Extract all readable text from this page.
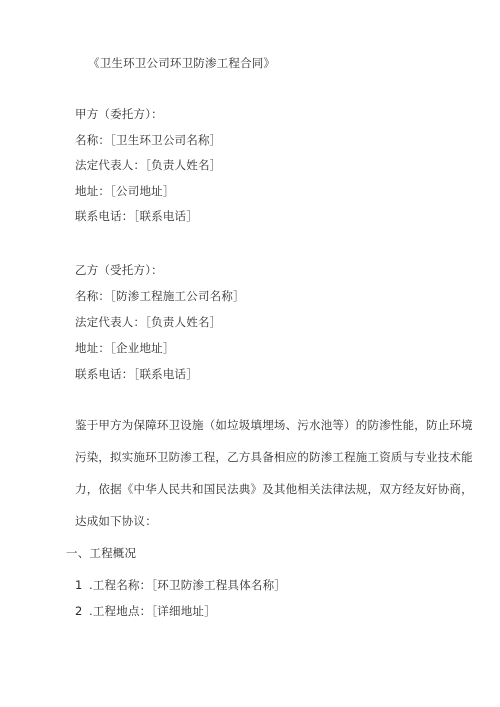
《卫生环卫公司环卫防渗工程合同》
甲方（委托方）：
名称：［卫生环卫公司名称］
法定代表人：［负责人姓名］
地址：［公司地址］
联系电话：［联系电话］
乙方（受托方）：
名称：［防渗工程施工公司名称］
法定代表人：［负责人姓名］
地址：［企业地址］
联系电话：［联系电话］
鉴于甲方为保障环卫设施（如垃圾填埋场、污水池等）的防渗性能，防止环境
污染，拟实施环卫防渗工程，乙方具备相应的防渗工程施工资质与专业技术能
力，依据《中华人民共和国民法典》及其他相关法律法规，双方经友好协商，
达成如下协议：
一、工程概况
1 .工程名称：［环卫防渗工程具体名称］
2 .工程地点：［详细地址］
